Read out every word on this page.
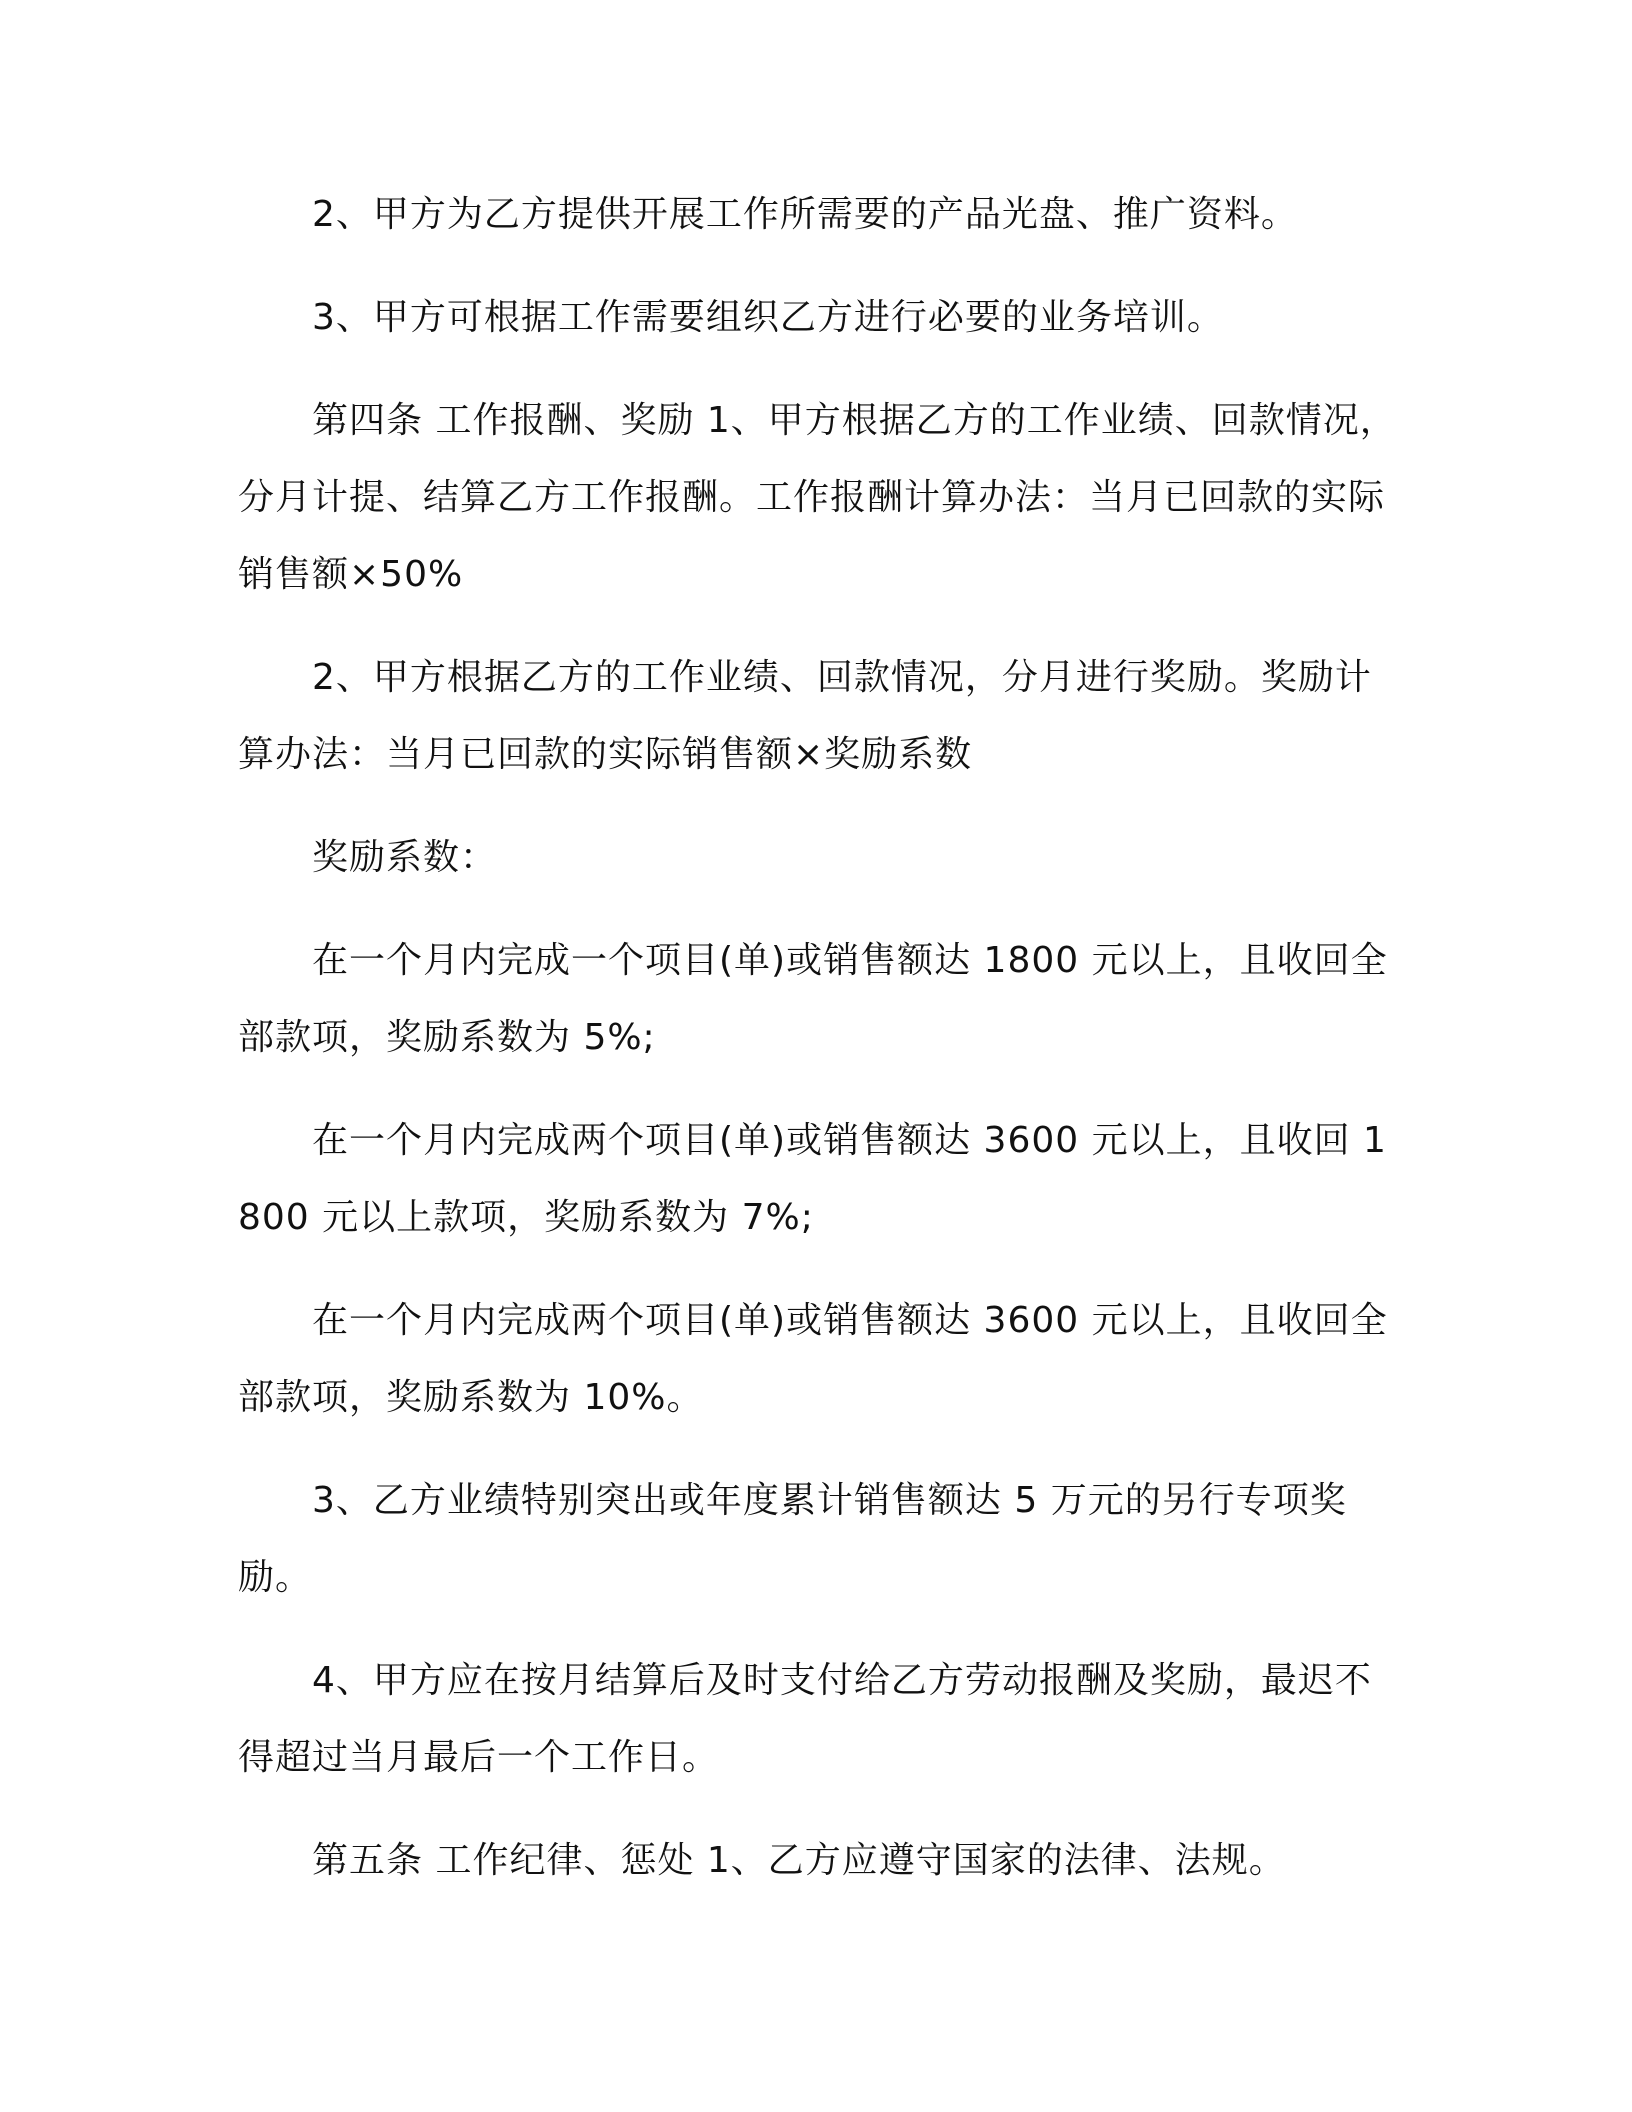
2、甲方为乙方提供开展工作所需要的产品光盘、推广资料。

3、甲方可根据工作需要组织乙方进行必要的业务培训。

第四条 工作报酬、奖励 1、甲方根据乙方的工作业绩、回款情况，分月计提、结算乙方工作报酬。工作报酬计算办法：当月已回款的实际销售额×50%

2、甲方根据乙方的工作业绩、回款情况，分月进行奖励。奖励计算办法：当月已回款的实际销售额×奖励系数

奖励系数：

在一个月内完成一个项目(单)或销售额达 1800 元以上，且收回全部款项，奖励系数为 5%;

在一个月内完成两个项目(单)或销售额达 3600 元以上，且收回 1800 元以上款项，奖励系数为 7%;

在一个月内完成两个项目(单)或销售额达 3600 元以上，且收回全部款项，奖励系数为 10%。

3、乙方业绩特别突出或年度累计销售额达 5 万元的另行专项奖励。

4、甲方应在按月结算后及时支付给乙方劳动报酬及奖励，最迟不得超过当月最后一个工作日。

第五条 工作纪律、惩处 1、乙方应遵守国家的法律、法规。
